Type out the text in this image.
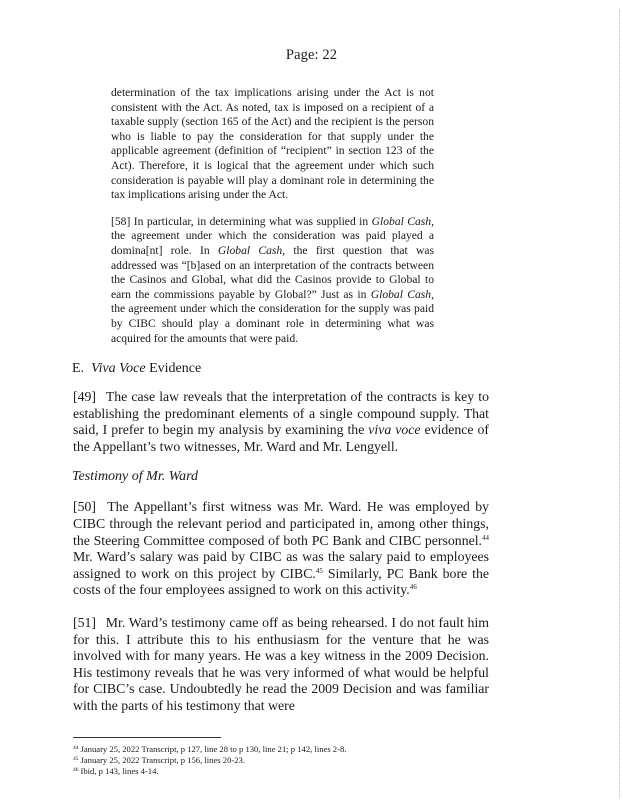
Page: 22
determination of the tax implications arising under the Act is not consistent with the Act. As noted, tax is imposed on a recipient of a taxable supply (section 165 of the Act) and the recipient is the person who is liable to pay the consideration for that supply under the applicable agreement (definition of “recipient” in section 123 of the Act). Therefore, it is logical that the agreement under which such consideration is payable will play a dominant role in determining the tax implications arising under the Act.
[58] In particular, in determining what was supplied in Global Cash, the agreement under which the consideration was paid played a domina[nt] role. In Global Cash, the first question that was addressed was “[b]ased on an interpretation of the contracts between the Casinos and Global, what did the Casinos provide to Global to earn the commissions payable by Global?” Just as in Global Cash, the agreement under which the consideration for the supply was paid by CIBC should play a dominant role in determining what was acquired for the amounts that were paid.
E. Viva Voce Evidence
[49] The case law reveals that the interpretation of the contracts is key to establishing the predominant elements of a single compound supply. That said, I prefer to begin my analysis by examining the viva voce evidence of the Appellant’s two witnesses, Mr. Ward and Mr. Lengyell.
Testimony of Mr. Ward
[50] The Appellant’s first witness was Mr. Ward. He was employed by CIBC through the relevant period and participated in, among other things, the Steering Committee composed of both PC Bank and CIBC personnel.$^{44}$ Mr. Ward’s salary was paid by CIBC as was the salary paid to employees assigned to work on this project by CIBC.$^{45}$ Similarly, PC Bank bore the costs of the four employees assigned to work on this activity.$^{46}$
[51] Mr. Ward’s testimony came off as being rehearsed. I do not fault him for this. I attribute this to his enthusiasm for the venture that he was involved with for many years. He was a key witness in the 2009 Decision. His testimony reveals that he was very informed of what would be helpful for CIBC’s case. Undoubtedly he read the 2009 Decision and was familiar with the parts of his testimony that were
$^{44}$ January 25, 2022 Transcript, p 127, line 28 to p 130, line 21; p 142, lines 2-8.
$^{45}$ January 25, 2022 Transcript, p 156, lines 20-23.
$^{46}$ Ibid, p 143, lines 4-14.
